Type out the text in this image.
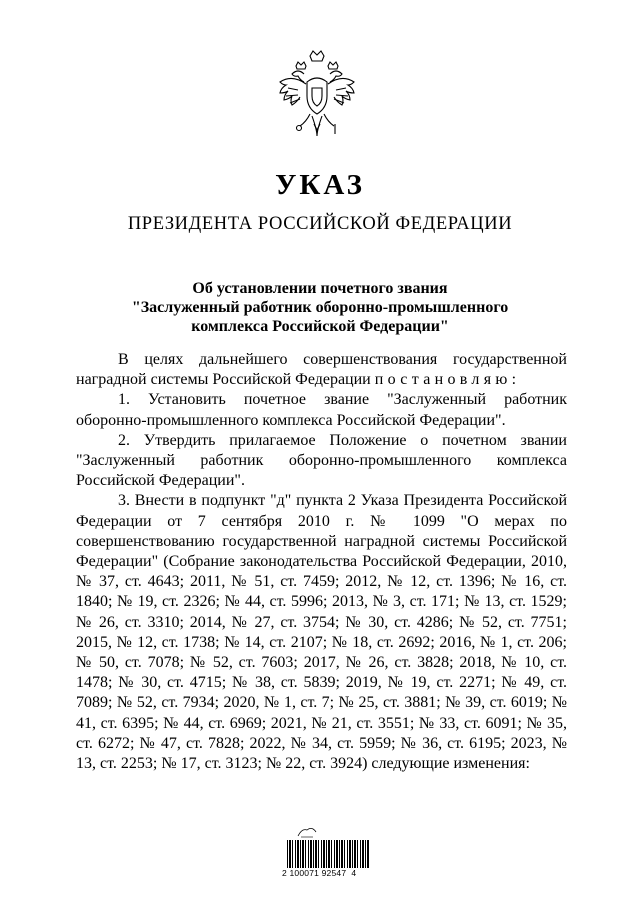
УКАЗ
ПРЕЗИДЕНТА РОССИЙСКОЙ ФЕДЕРАЦИИ
Об установлении почетного звания
"Заслуженный работник оборонно-промышленного
комплекса Российской Федерации"

В целях дальнейшего совершенствования государственной наградной системы Российской Федерации постановляю:

1. Установить почетное звание "Заслуженный работник оборонно-промышленного комплекса Российской Федерации".

2. Утвердить прилагаемое Положение о почетном звании "Заслуженный работник оборонно-промышленного комплекса Российской Федерации".

3. Внести в подпункт "д" пункта 2 Указа Президента Российской Федерации от 7 сентября 2010 г. № 1099 "О мерах по совершенствованию государственной наградной системы Российской Федерации" (Собрание законодательства Российской Федерации, 2010, № 37, ст. 4643; 2011, № 51, ст. 7459; 2012, № 12, ст. 1396; № 16, ст. 1840; № 19, ст. 2326; № 44, ст. 5996; 2013, № 3, ст. 171; № 13, ст. 1529; № 26, ст. 3310; 2014, № 27, ст. 3754; № 30, ст. 4286; № 52, ст. 7751; 2015, № 12, ст. 1738; № 14, ст. 2107; № 18, ст. 2692; 2016, № 1, ст. 206; № 50, ст. 7078; № 52, ст. 7603; 2017, № 26, ст. 3828; 2018, № 10, ст. 1478; № 30, ст. 4715; № 38, ст. 5839; 2019, № 19, ст. 2271; № 49, ст. 7089; № 52, ст. 7934; 2020, № 1, ст. 7; № 25, ст. 3881; № 39, ст. 6019; № 41, ст. 6395; № 44, ст. 6969; 2021, № 21, ст. 3551; № 33, ст. 6091; № 35, ст. 6272; № 47, ст. 7828; 2022, № 34, ст. 5959; № 36, ст. 6195; 2023, № 13, ст. 2253; № 17, ст. 3123; № 22, ст. 3924) следующие изменения:

2 100071 92547  4
